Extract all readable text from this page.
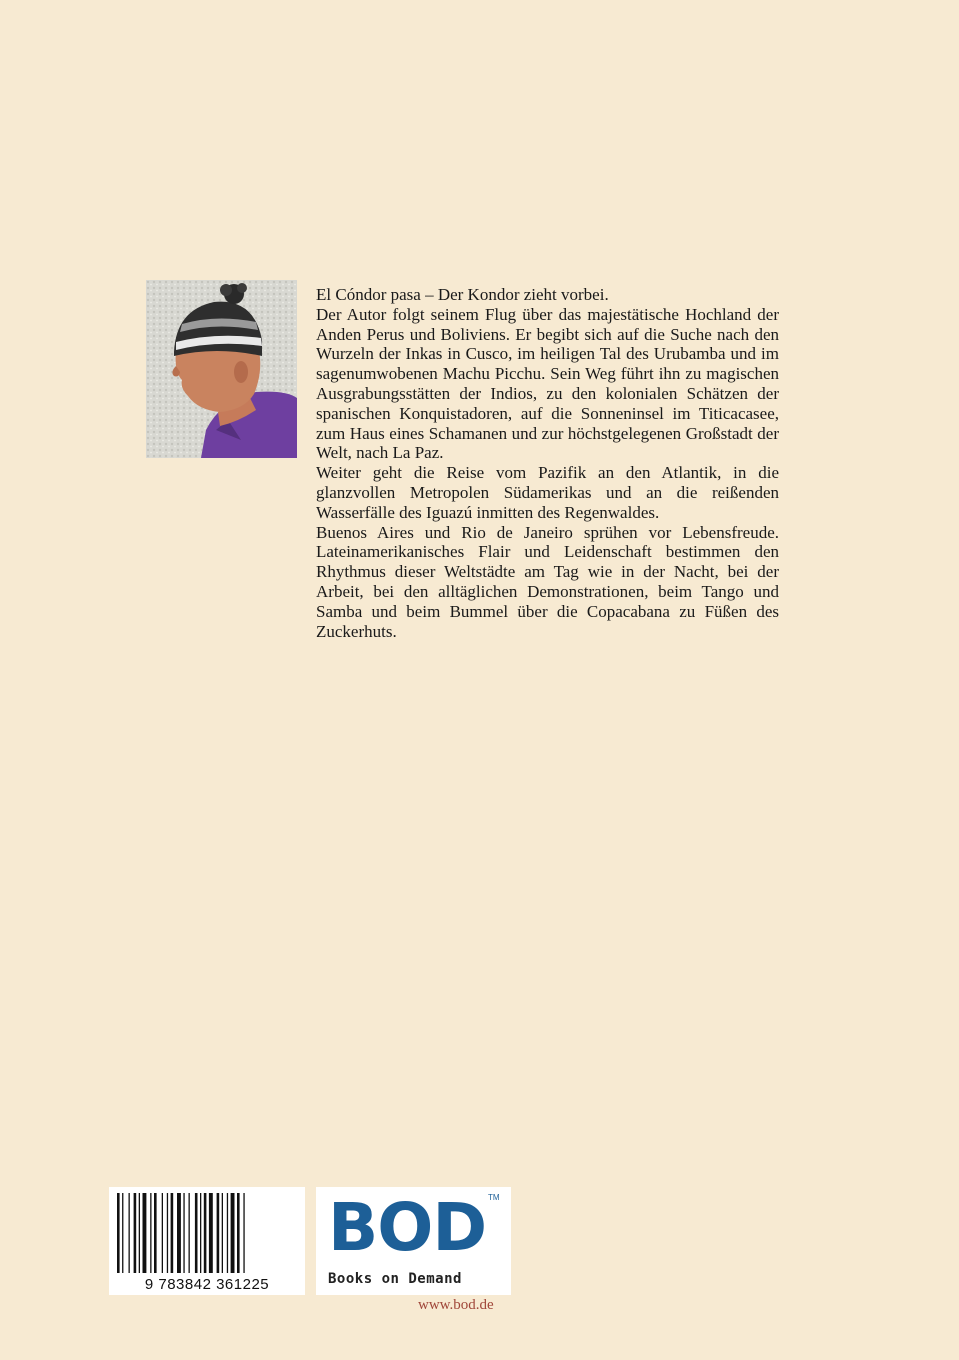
El Cóndor pasa – Der Kondor zieht vorbei.

Der Autor folgt seinem Flug über das majestätische Hochland der Anden Perus und Boliviens. Er begibt sich auf die Suche nach den Wurzeln der Inkas in Cusco, im heiligen Tal des Urubamba und im sagenumwobenen Machu Picchu. Sein Weg führt ihn zu magischen Ausgrabungsstätten der Indios, zu den kolonialen Schätzen der spanischen Konquistadoren, auf die Sonneninsel im Titicacasee, zum Haus eines Schamanen und zur höchstgelegenen Großstadt der Welt, nach La Paz.

Weiter geht die Reise vom Pazifik an den Atlantik, in die glanzvollen Metropolen Südamerikas und an die reißenden Wasserfälle des Iguazú inmitten des Regenwaldes.

Buenos Aires und Rio de Janeiro sprühen vor Lebensfreude. Lateinamerikanisches Flair und Leidenschaft bestimmen den Rhythmus dieser Weltstädte am Tag wie in der Nacht, bei der Arbeit, bei den alltäglichen Demonstrationen, beim Tango und Samba und beim Bummel über die Copacabana zu Füßen des Zuckerhuts.

9 783842 361225
BOD TM
Books on Demand
www.bod.de
